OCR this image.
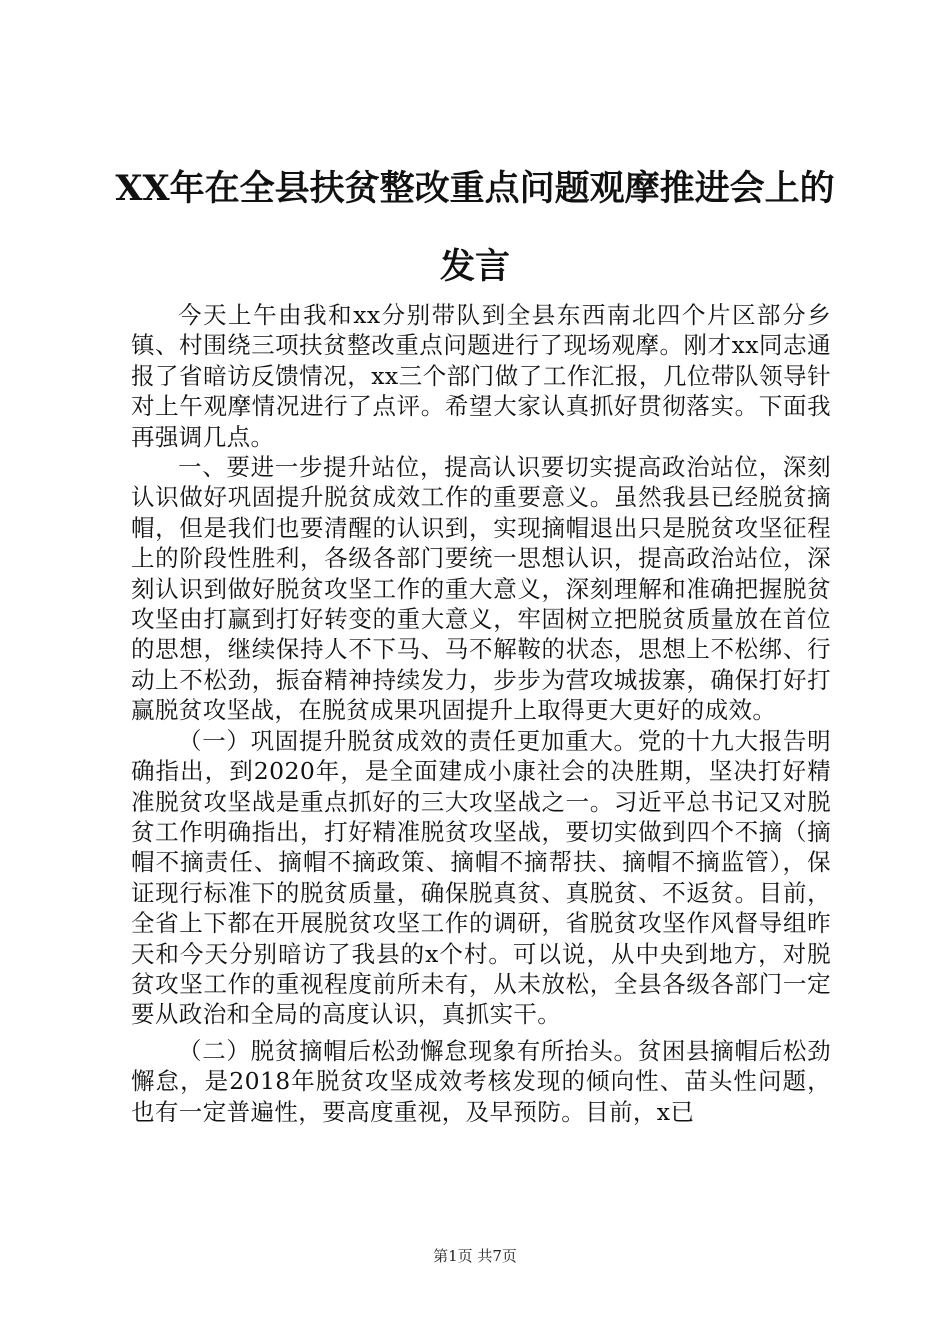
XX年在全县扶贫整改重点问题观摩推进会上的发言

今天上午由我和xx分别带队到全县东西南北四个片区部分乡镇、村围绕三项扶贫整改重点问题进行了现场观摩。刚才xx同志通报了省暗访反馈情况，xx三个部门做了工作汇报，几位带队领导针对上午观摩情况进行了点评。希望大家认真抓好贯彻落实。下面我再强调几点。

一、要进一步提升站位，提高认识要切实提高政治站位，深刻认识做好巩固提升脱贫成效工作的重要意义。虽然我县已经脱贫摘帽，但是我们也要清醒的认识到，实现摘帽退出只是脱贫攻坚征程上的阶段性胜利，各级各部门要统一思想认识，提高政治站位，深刻认识到做好脱贫攻坚工作的重大意义，深刻理解和准确把握脱贫攻坚由打赢到打好转变的重大意义，牢固树立把脱贫质量放在首位的思想，继续保持人不下马、马不解鞍的状态，思想上不松绑、行动上不松劲，振奋精神持续发力，步步为营攻城拔寨，确保打好打赢脱贫攻坚战，在脱贫成果巩固提升上取得更大更好的成效。

（一）巩固提升脱贫成效的责任更加重大。党的十九大报告明确指出，到2020年，是全面建成小康社会的决胜期，坚决打好精准脱贫攻坚战是重点抓好的三大攻坚战之一。习近平总书记又对脱贫工作明确指出，打好精准脱贫攻坚战，要切实做到四个不摘（摘帽不摘责任、摘帽不摘政策、摘帽不摘帮扶、摘帽不摘监管），保证现行标准下的脱贫质量，确保脱真贫、真脱贫、不返贫。目前，全省上下都在开展脱贫攻坚工作的调研，省脱贫攻坚作风督导组昨天和今天分别暗访了我县的x个村。可以说，从中央到地方，对脱贫攻坚工作的重视程度前所未有，从未放松，全县各级各部门一定要从政治和全局的高度认识，真抓实干。

（二）脱贫摘帽后松劲懈怠现象有所抬头。贫困县摘帽后松劲懈怠，是2018年脱贫攻坚成效考核发现的倾向性、苗头性问题，也有一定普遍性，要高度重视，及早预防。目前，x已

第1页 共7页
